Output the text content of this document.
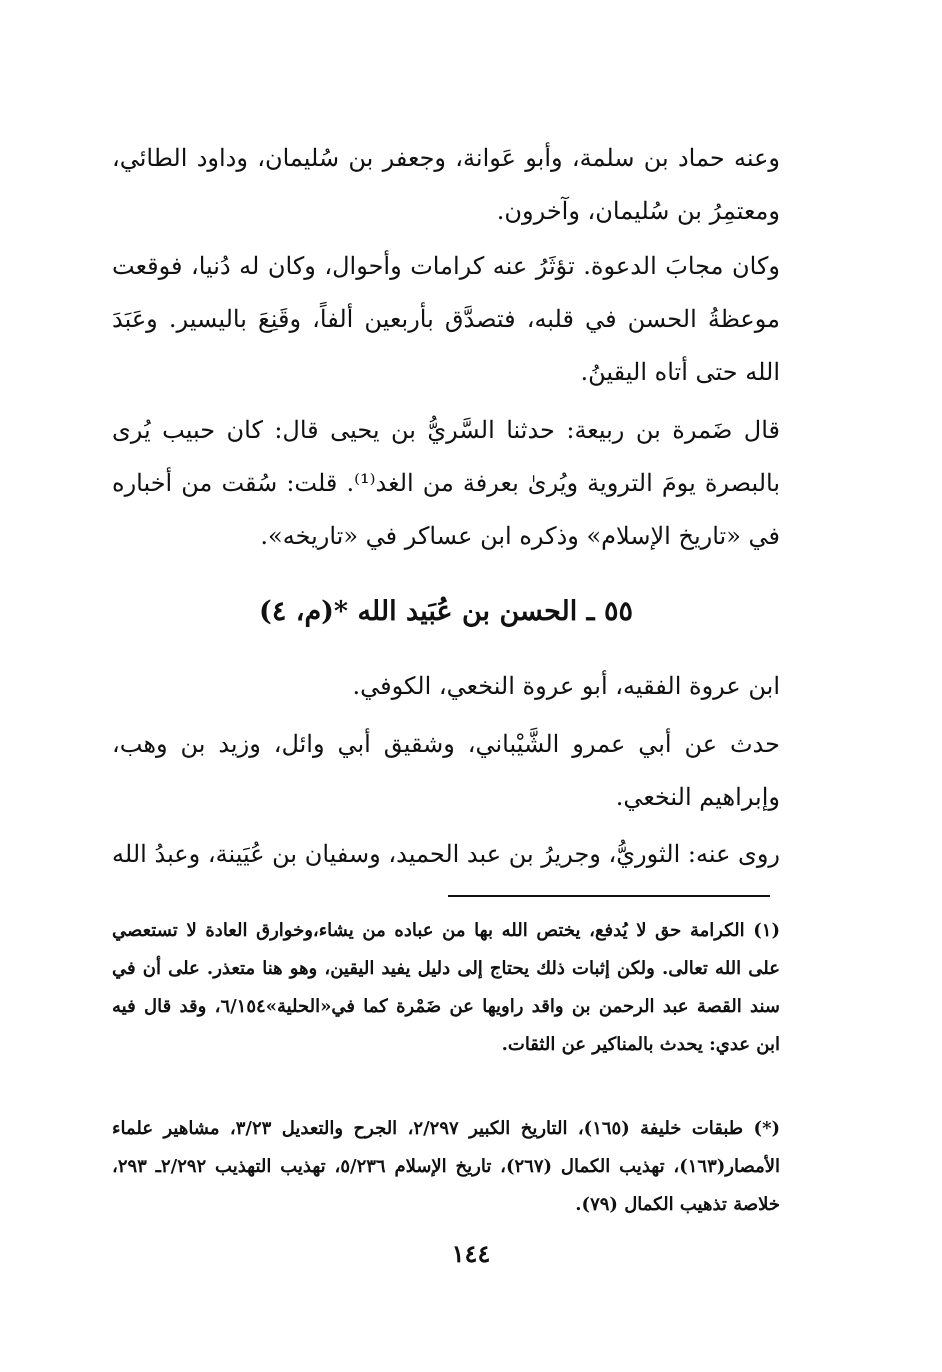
وعنه حماد بن سلمة، وأبو عَوانة، وجعفر بن سُليمان، وداود الطائي، ومعتمِرُ بن سُليمان، وآخرون.
وكان مجابَ الدعوة. تؤثَرُ عنه كرامات وأحوال، وكان له دُنيا، فوقعت موعظةُ الحسن في قلبه، فتصدَّق بأربعين ألفاً، وقَنِعَ باليسير. وعَبَدَ الله حتى أتاه اليقينُ.
قال ضَمرة بن ربيعة: حدثنا السَّريُّ بن يحيى قال: كان حبيب يُرى بالبصرة يومَ التروية ويُرىٰ بعرفة من الغد⁽¹⁾. قلت: سُقت من أخباره في «تاريخ الإسلام» وذكره ابن عساكر في «تاريخه».
٥٥ ـ الحسن بن عُبَيد الله *(م، ٤)
ابن عروة الفقيه، أبو عروة النخعي، الكوفي.
حدث عن أبي عمرو الشَّيْباني، وشقيق أبي وائل، وزيد بن وهب، وإبراهيم النخعي.
روى عنه: الثوريُّ، وجريرُ بن عبد الحميد، وسفيان بن عُيَينة، وعبدُ الله
(١) الكرامة حق لا يُدفع، يختص الله بها من عباده من يشاء،وخوارق العادة لا تستعصي على الله تعالى. ولكن إثبات ذلك يحتاج إلى دليل يفيد اليقين، وهو هنا متعذر. على أن في سند القصة عبد الرحمن بن واقد راويها عن ضَمْرة كما في«الحلية»٦/١٥٤، وقد قال فيه ابن عدي: يحدث بالمناكير عن الثقات.
(*) طبقات خليفة (١٦٥)، التاريخ الكبير ٢/٢٩٧، الجرح والتعديل ٣/٢٣، مشاهير علماء الأمصار(١٦٣)، تهذيب الكمال (٢٦٧)، تاريخ الإسلام ٥/٢٣٦، تهذيب التهذيب ٢/٢٩٢ـ ٢٩٣، خلاصة تذهيب الكمال (٧٩).
١٤٤
